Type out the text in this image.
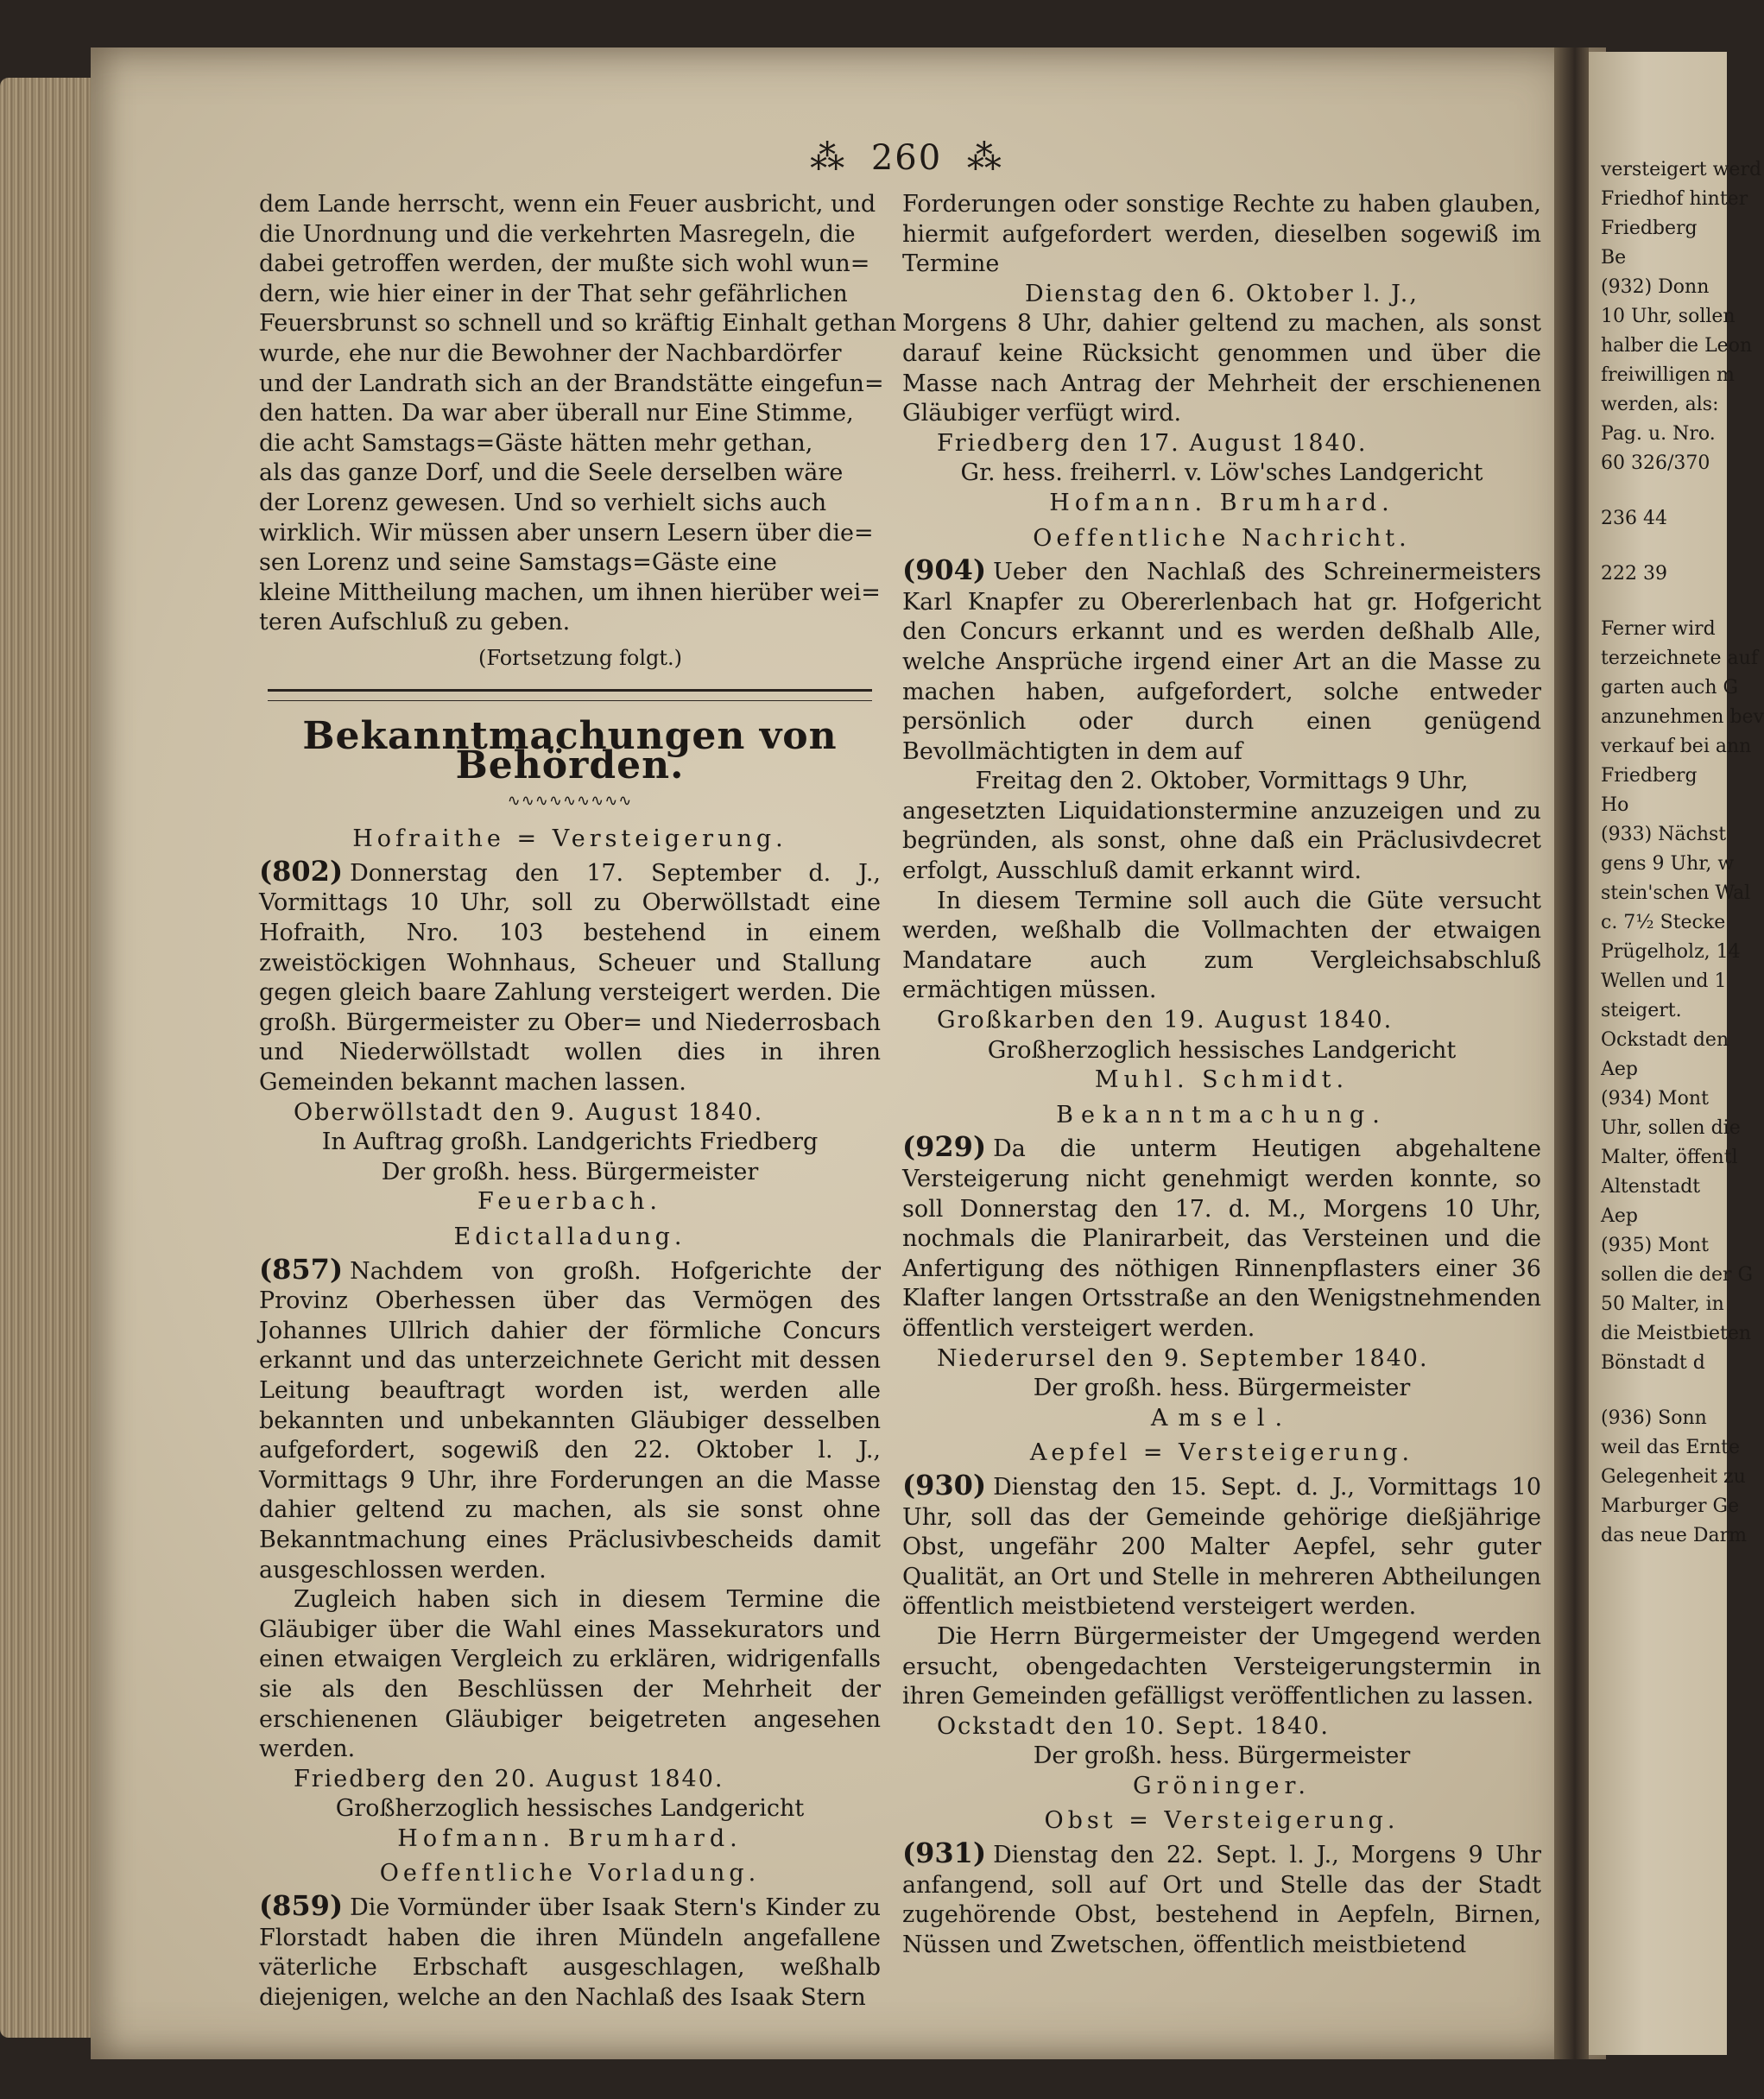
versteigert werd
Friedhof hinter
Friedberg
Be
(932) Donn
10 Uhr, sollen
halber die Leon
freiwilligen m
werden, als:
Pag. u. Nro.
60 326/370
236 44
222 39
Ferner wird
terzeichnete auf
garten auch G
anzunehmen bev
verkauf bei ann
Friedberg
Ho
(933) Nächst
gens 9 Uhr, w
stein'schen Wal
c. 7½ Stecke
Prügelholz, 14
Wellen und 1
steigert.
Ockstadt den
Aep
(934) Mont
Uhr, sollen die
Malter, öffentl
Altenstadt
Aep
(935) Mont
sollen die der G
50 Malter, in
die Meistbieten
Bönstadt d
(936) Sonn
weil das Ernte
Gelegenheit zu
Marburger Ge
das neue Darm
⁂ 260 ⁂
dem Lande herrscht, wenn ein Feuer ausbricht, und
die Unordnung und die verkehrten Masregeln, die
dabei getroffen werden, der mußte sich wohl wun=
dern, wie hier einer in der That sehr gefährlichen
Feuersbrunst so schnell und so kräftig Einhalt gethan
wurde, ehe nur die Bewohner der Nachbardörfer
und der Landrath sich an der Brandstätte eingefun=
den hatten. Da war aber überall nur Eine Stimme,
die acht Samstags=Gäste hätten mehr gethan,
als das ganze Dorf, und die Seele derselben wäre
der Lorenz gewesen. Und so verhielt sichs auch
wirklich. Wir müssen aber unsern Lesern über die=
sen Lorenz und seine Samstags=Gäste eine
kleine Mittheilung machen, um ihnen hierüber wei=
teren Aufschluß zu geben.
(Fortsetzung folgt.)
Bekanntmachungen von Behörden.
∿∿∿∿∿∿∿∿∿
Hofraithe = Versteigerung.

(802) Donnerstag den 17. September d. J., Vormittags 10 Uhr, soll zu Oberwöllstadt eine Hofraith, Nro. 103 bestehend in einem zweistöckigen Wohnhaus, Scheuer und Stallung gegen gleich baare Zahlung versteigert werden. Die großh. Bürgermeister zu Ober= und Niederrosbach und Niederwöllstadt wollen dies in ihren Gemeinden bekannt machen lassen.

Oberwöllstadt den 9. August 1840.
In Auftrag großh. Landgerichts Friedberg
Der großh. hess. Bürgermeister
Feuerbach.
Edictalladung.

(857) Nachdem von großh. Hofgerichte der Provinz Oberhessen über das Vermögen des Johannes Ullrich dahier der förmliche Concurs erkannt und das unterzeichnete Gericht mit dessen Leitung beauftragt worden ist, werden alle bekannten und unbekannten Gläubiger desselben aufgefordert, sogewiß den 22. Oktober l. J., Vormittags 9 Uhr, ihre Forderungen an die Masse dahier geltend zu machen, als sie sonst ohne Bekanntmachung eines Präclusivbescheids damit ausgeschlossen werden.

Zugleich haben sich in diesem Termine die Gläubiger über die Wahl eines Massekurators und einen etwaigen Vergleich zu erklären, widrigenfalls sie als den Beschlüssen der Mehrheit der erschienenen Gläubiger beigetreten angesehen werden.

Friedberg den 20. August 1840.
Großherzoglich hessisches Landgericht
Hofmann. Brumhard.
Oeffentliche Vorladung.

(859) Die Vormünder über Isaak Stern's Kinder zu Florstadt haben die ihren Mündeln angefallene väterliche Erbschaft ausgeschlagen, weßhalb diejenigen, welche an den Nachlaß des Isaak Stern

Forderungen oder sonstige Rechte zu haben glauben, hiermit aufgefordert werden, dieselben sogewiß im Termine

Dienstag den 6. Oktober l. J.,

Morgens 8 Uhr, dahier geltend zu machen, als sonst darauf keine Rücksicht genommen und über die Masse nach Antrag der Mehrheit der erschienenen Gläubiger verfügt wird.

Friedberg den 17. August 1840.
Gr. hess. freiherrl. v. Löw'sches Landgericht
Hofmann. Brumhard.
Oeffentliche Nachricht.

(904) Ueber den Nachlaß des Schreinermeisters Karl Knapfer zu Obererlenbach hat gr. Hofgericht den Concurs erkannt und es werden deßhalb Alle, welche Ansprüche irgend einer Art an die Masse zu machen haben, aufgefordert, solche entweder persönlich oder durch einen genügend Bevollmächtigten in dem auf

Freitag den 2. Oktober, Vormittags 9 Uhr,

angesetzten Liquidationstermine anzuzeigen und zu begründen, als sonst, ohne daß ein Präclusivdecret erfolgt, Ausschluß damit erkannt wird.

In diesem Termine soll auch die Güte versucht werden, weßhalb die Vollmachten der etwaigen Mandatare auch zum Vergleichsabschluß ermächtigen müssen.

Großkarben den 19. August 1840.
Großherzoglich hessisches Landgericht
Muhl. Schmidt.
Bekanntmachung.

(929) Da die unterm Heutigen abgehaltene Versteigerung nicht genehmigt werden konnte, so soll Donnerstag den 17. d. M., Morgens 10 Uhr, nochmals die Planirarbeit, das Versteinen und die Anfertigung des nöthigen Rinnenpflasters einer 36 Klafter langen Ortsstraße an den Wenigstnehmenden öffentlich versteigert werden.

Niederursel den 9. September 1840.
Der großh. hess. Bürgermeister
Amsel.
Aepfel = Versteigerung.

(930) Dienstag den 15. Sept. d. J., Vormittags 10 Uhr, soll das der Gemeinde gehörige dießjährige Obst, ungefähr 200 Malter Aepfel, sehr guter Qualität, an Ort und Stelle in mehreren Abtheilungen öffentlich meistbietend versteigert werden.

Die Herrn Bürgermeister der Umgegend werden ersucht, obengedachten Versteigerungstermin in ihren Gemeinden gefälligst veröffentlichen zu lassen.

Ockstadt den 10. Sept. 1840.
Der großh. hess. Bürgermeister
Gröninger.
Obst = Versteigerung.

(931) Dienstag den 22. Sept. l. J., Morgens 9 Uhr anfangend, soll auf Ort und Stelle das der Stadt zugehörende Obst, bestehend in Aepfeln, Birnen, Nüssen und Zwetschen, öffentlich meistbietend
